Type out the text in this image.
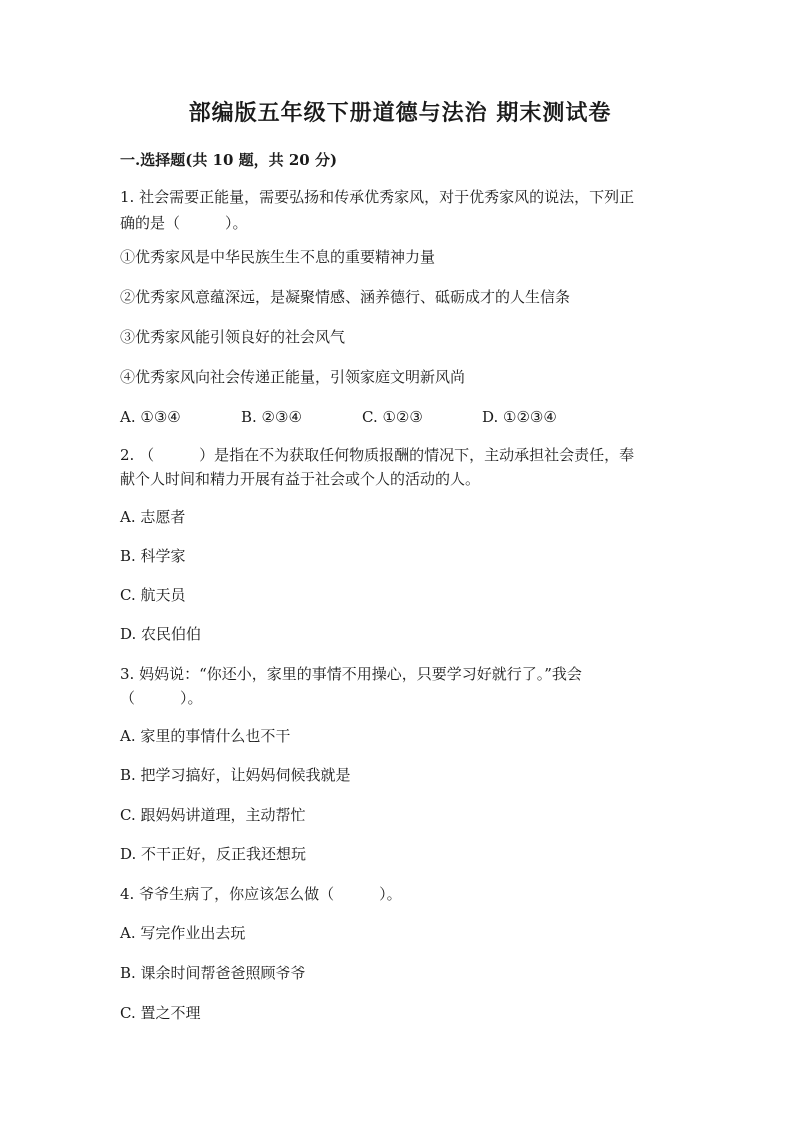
部编版五年级下册道德与法治 期末测试卷
一.选择题(共 10 题，共 20 分)
1. 社会需要正能量，需要弘扬和传承优秀家风，对于优秀家风的说法，下列正
确的是（　　　）。
①优秀家风是中华民族生生不息的重要精神力量
②优秀家风意蕴深远，是凝聚情感、涵养德行、砥砺成才的人生信条
③优秀家风能引领良好的社会风气
④优秀家风向社会传递正能量，引领家庭文明新风尚
A. ①③④	B. ②③④	C. ①②③	D. ①②③④
2. （　　　）是指在不为获取任何物质报酬的情况下，主动承担社会责任，奉
献个人时间和精力开展有益于社会或个人的活动的人。
A. 志愿者
B. 科学家
C. 航天员
D. 农民伯伯
3. 妈妈说：“你还小，家里的事情不用操心，只要学习好就行了。”我会
（　　　）。
A. 家里的事情什么也不干
B. 把学习搞好，让妈妈伺候我就是
C. 跟妈妈讲道理，主动帮忙
D. 不干正好，反正我还想玩
4. 爷爷生病了，你应该怎么做（　　　）。
A. 写完作业出去玩
B. 课余时间帮爸爸照顾爷爷
C. 置之不理
